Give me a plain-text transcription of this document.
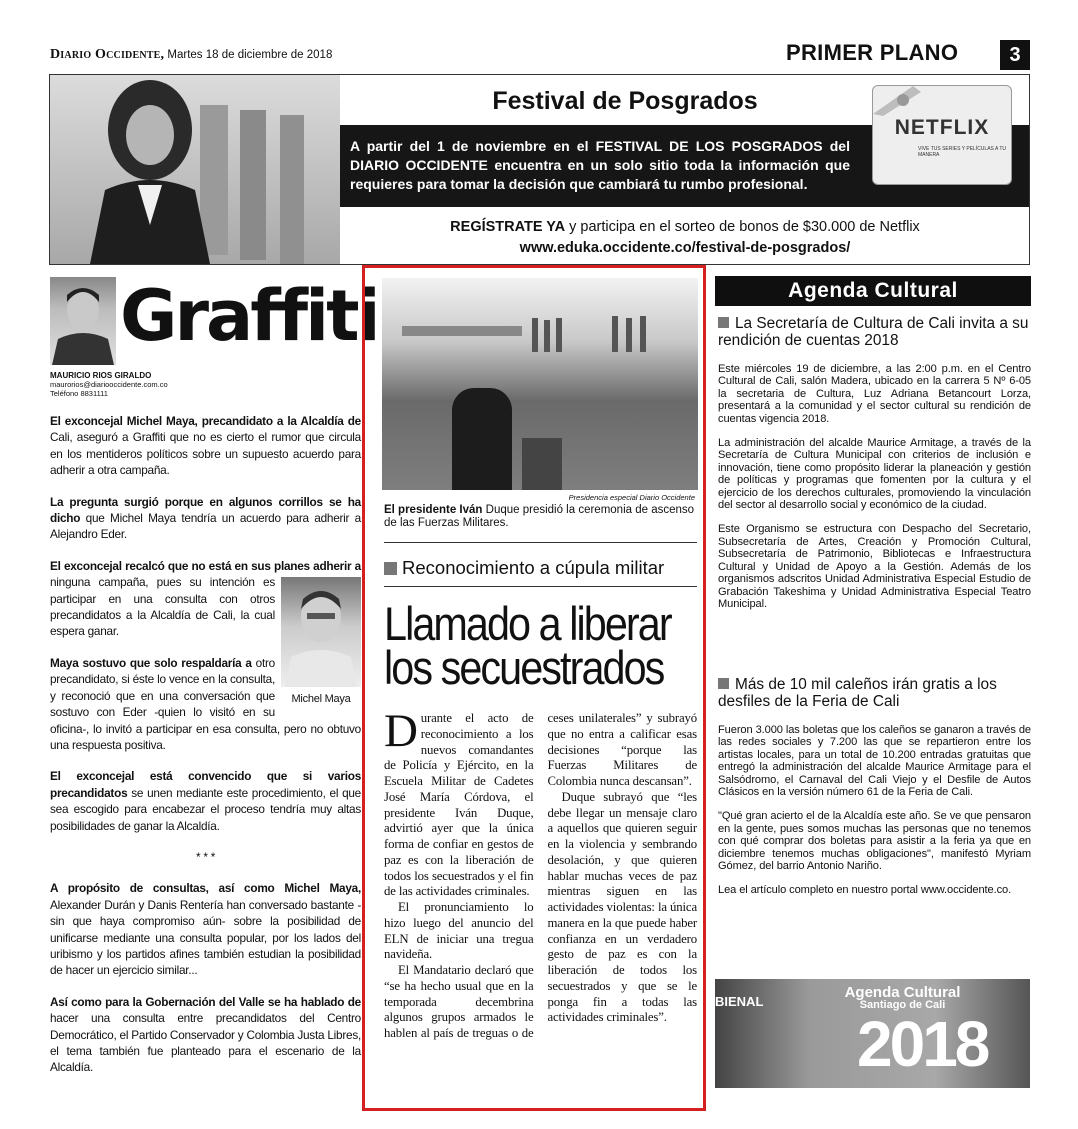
Diario Occidente, Martes 18 de diciembre de 2018	PRIMER PLANO	3
Festival de Posgrados
A partir del 1 de noviembre en el FESTIVAL DE LOS POSGRADOS del DIARIO OCCIDENTE encuentra en un solo sitio toda la información que requieres para tomar la decisión que cambiará tu rumbo profesional.
NETFLIX
VIVE TUS SERIES Y PELÍCULAS A TU MANERA
REGÍSTRATE YA y participa en el sorteo de bonos de $30.000 de Netflix
www.eduka.occidente.co/festival-de-posgrados/
Graffiti
MAURICIO RIOS GIRALDO
maurorios@diariooccidente.com.co
Teléfono 8831111

El exconcejal Michel Maya, precandidato a la Alcaldía de Cali, aseguró a Graffiti que no es cierto el rumor que circula en los mentideros políticos sobre un supuesto acuerdo para adherir a otra campaña.

La pregunta surgió porque en algunos corrillos se ha dicho que Michel Maya tendría un acuerdo para adherir a Alejandro Eder.

El exconcejal recalcó que no está en sus planes adherir a
Michel Maya
ninguna campaña, pues su intención es participar en una consulta con otros precandidatos a la Alcaldía de Cali, la cual espera ganar.

Maya sostuvo que solo respaldaría a otro precandidato, si éste lo vence en la consulta, y reconoció que en una conversación que sostuvo con Eder -quien lo visitó en su oficina-, lo invitó a participar en esa consulta, pero no obtuvo una respuesta positiva.

El exconcejal está convencido que si varios precandidatos se unen mediante este procedimiento, el que sea escogido para encabezar el proceso tendría muy altas posibilidades de ganar la Alcaldía.

* * *

A propósito de consultas, así como Michel Maya, Alexander Durán y Danis Rentería han conversado bastante -sin que haya compromiso aún- sobre la posibilidad de unificarse mediante una consulta popular, por los lados del uribismo y los partidos afines también estudian la posibilidad de hacer un ejercicio similar...

Así como para la Gobernación del Valle se ha hablado de hacer una consulta entre precandidatos del Centro Democrático, el Partido Conservador y Colombia Justa Libres, el tema también fue planteado para el escenario de la Alcaldía.

Presidencia especial Diario Occidente
El presidente Iván Duque presidió la ceremonia de ascenso de las Fuerzas Militares.
Reconocimiento a cúpula militar
Llamado a liberar
los secuestrados

Durante el acto de reconocimiento a los nuevos comandantes de Policía y Ejército, en la Escuela Militar de Cadetes José María Córdova, el presidente Iván Duque, advirtió ayer que la única forma de confiar en gestos de paz es con la liberación de todos los secuestrados y el fin de las actividades criminales.

El pronunciamiento lo hizo luego del anuncio del ELN de iniciar una tregua navideña.

El Mandatario declaró que “se ha hecho usual que en la temporada decembrina algunos grupos armados le hablen al país de treguas o de ceses unilaterales” y subrayó que no entra a calificar esas decisiones “porque las Fuerzas Militares de Colombia nunca descansan”.

Duque subrayó que “les debe llegar un mensaje claro a aquellos que quieren seguir en la violencia y sembrando desolación, y que quieren hablar muchas veces de paz mientras siguen en las actividades violentas: la única manera en la que puede haber confianza en un verdadero gesto de paz es con la liberación de todos los secuestrados y que se le ponga fin a todas las actividades criminales”.

Agenda Cultural
La Secretaría de Cultura de Cali invita a su rendición de cuentas 2018

Este miércoles 19 de diciembre, a las 2:00 p.m. en el Centro Cultural de Cali, salón Madera, ubicado en la carrera 5 Nº 6-05 la secretaria de Cultura, Luz Adriana Betancourt Lorza, presentará a la comunidad y el sector cultural su rendición de cuentas vigencia 2018.

La administración del alcalde Maurice Armitage, a través de la Secretaría de Cultura Municipal con criterios de inclusión e innovación, tiene como propósito liderar la planeación y gestión de políticas y programas que fomenten por la cultura y el ejercicio de los derechos culturales, promoviendo la vinculación del sector al desarrollo social y económico de la ciudad.

Este Organismo se estructura con Despacho del Secretario, Subsecretaría de Artes, Creación y Promoción Cultural, Subsecretaría de Patrimonio, Bibliotecas e Infraestructura Cultural y Unidad de Apoyo a la Gestión. Además de los organismos adscritos Unidad Administrativa Especial Estudio de Grabación Takeshima y Unidad Administrativa Especial Teatro Municipal.

Más de 10 mil caleños irán gratis a los desfiles de la Feria de Cali

Fueron 3.000 las boletas que los caleños se ganaron a través de las redes sociales y 7.200 las que se repartieron entre los artistas locales, para un total de 10.200 entradas gratuitas que entregó la administración del alcalde Maurice Armitage para el Salsódromo, el Carnaval del Cali Viejo y el Desfile de Autos Clásicos en la versión número 61 de la Feria de Cali.

"Qué gran acierto el de la Alcaldía este año. Se ve que pensaron en la gente, pues somos muchas las personas que no tenemos con qué comprar dos boletas para asistir a la feria ya que en diciembre tenemos muchas obligaciones", manifestó Myriam Gómez, del barrio Antonio Nariño.

Lea el artículo completo en nuestro portal www.occidente.co.

BIENAL
Agenda Cultural
Santiago de Cali
2018
